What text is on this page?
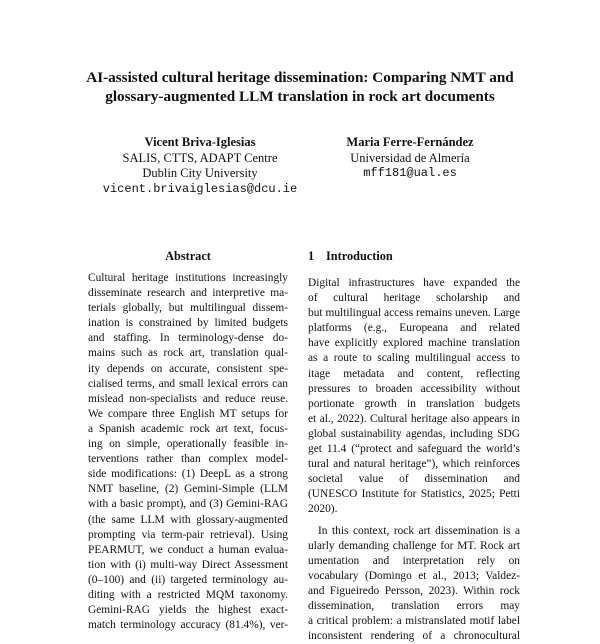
AI-assisted cultural heritage dissemination: Comparing NMT and
glossary-augmented LLM translation in rock art documents
Vicent Briva-Iglesias
SALIS, CTTS, ADAPT Centre
Dublin City University
vicent.brivaiglesias@dcu.ie
Maria Ferre-Fernández
Universidad de Almería
mff181@ual.es
Abstract	1 Introduction
Cultural heritage institutions increasingly
disseminate research and interpretive ma-
terials globally, but multilingual dissem-
ination is constrained by limited budgets
and staffing. In terminology-dense do-
mains such as rock art, translation qual-
ity depends on accurate, consistent spe-
cialised terms, and small lexical errors can
mislead non-specialists and reduce reuse.
We compare three English MT setups for
a Spanish academic rock art text, focus-
ing on simple, operationally feasible in-
terventions rather than complex model-
side modifications: (1) DeepL as a strong
NMT baseline, (2) Gemini-Simple (LLM
with a basic prompt), and (3) Gemini-RAG
(the same LLM with glossary-augmented
prompting via term-pair retrieval). Using
PEARMUT, we conduct a human evalua-
tion with (i) multi-way Direct Assessment
(0–100) and (ii) targeted terminology au-
diting with a restricted MQM taxonomy.
Gemini-RAG yields the highest exact-
match terminology accuracy (81.4%), ver-
Digital infrastructures have expanded the
of cultural heritage scholarship and
but multilingual access remains uneven. Large
platforms (e.g., Europeana and related
have explicitly explored machine translation
as a route to scaling multilingual access to
itage metadata and content, reflecting
pressures to broaden accessibility without
portionate growth in translation budgets
et al., 2022). Cultural heritage also appears in
global sustainability agendas, including SDG
get 11.4 (“protect and safeguard the world’s
tural and natural heritage”), which reinforces
societal value of dissemination and
(UNESCO Institute for Statistics, 2025; Petti
2020).
In this context, rock art dissemination is a
ularly demanding challenge for MT. Rock art
umentation and interpretation rely on
vocabulary (Domingo et al., 2013; Valdez-
and Figueiredo Persson, 2023). Within rock
dissemination, translation errors may
a critical problem: a mistranslated motif label
inconsistent rendering of a chronocultural
